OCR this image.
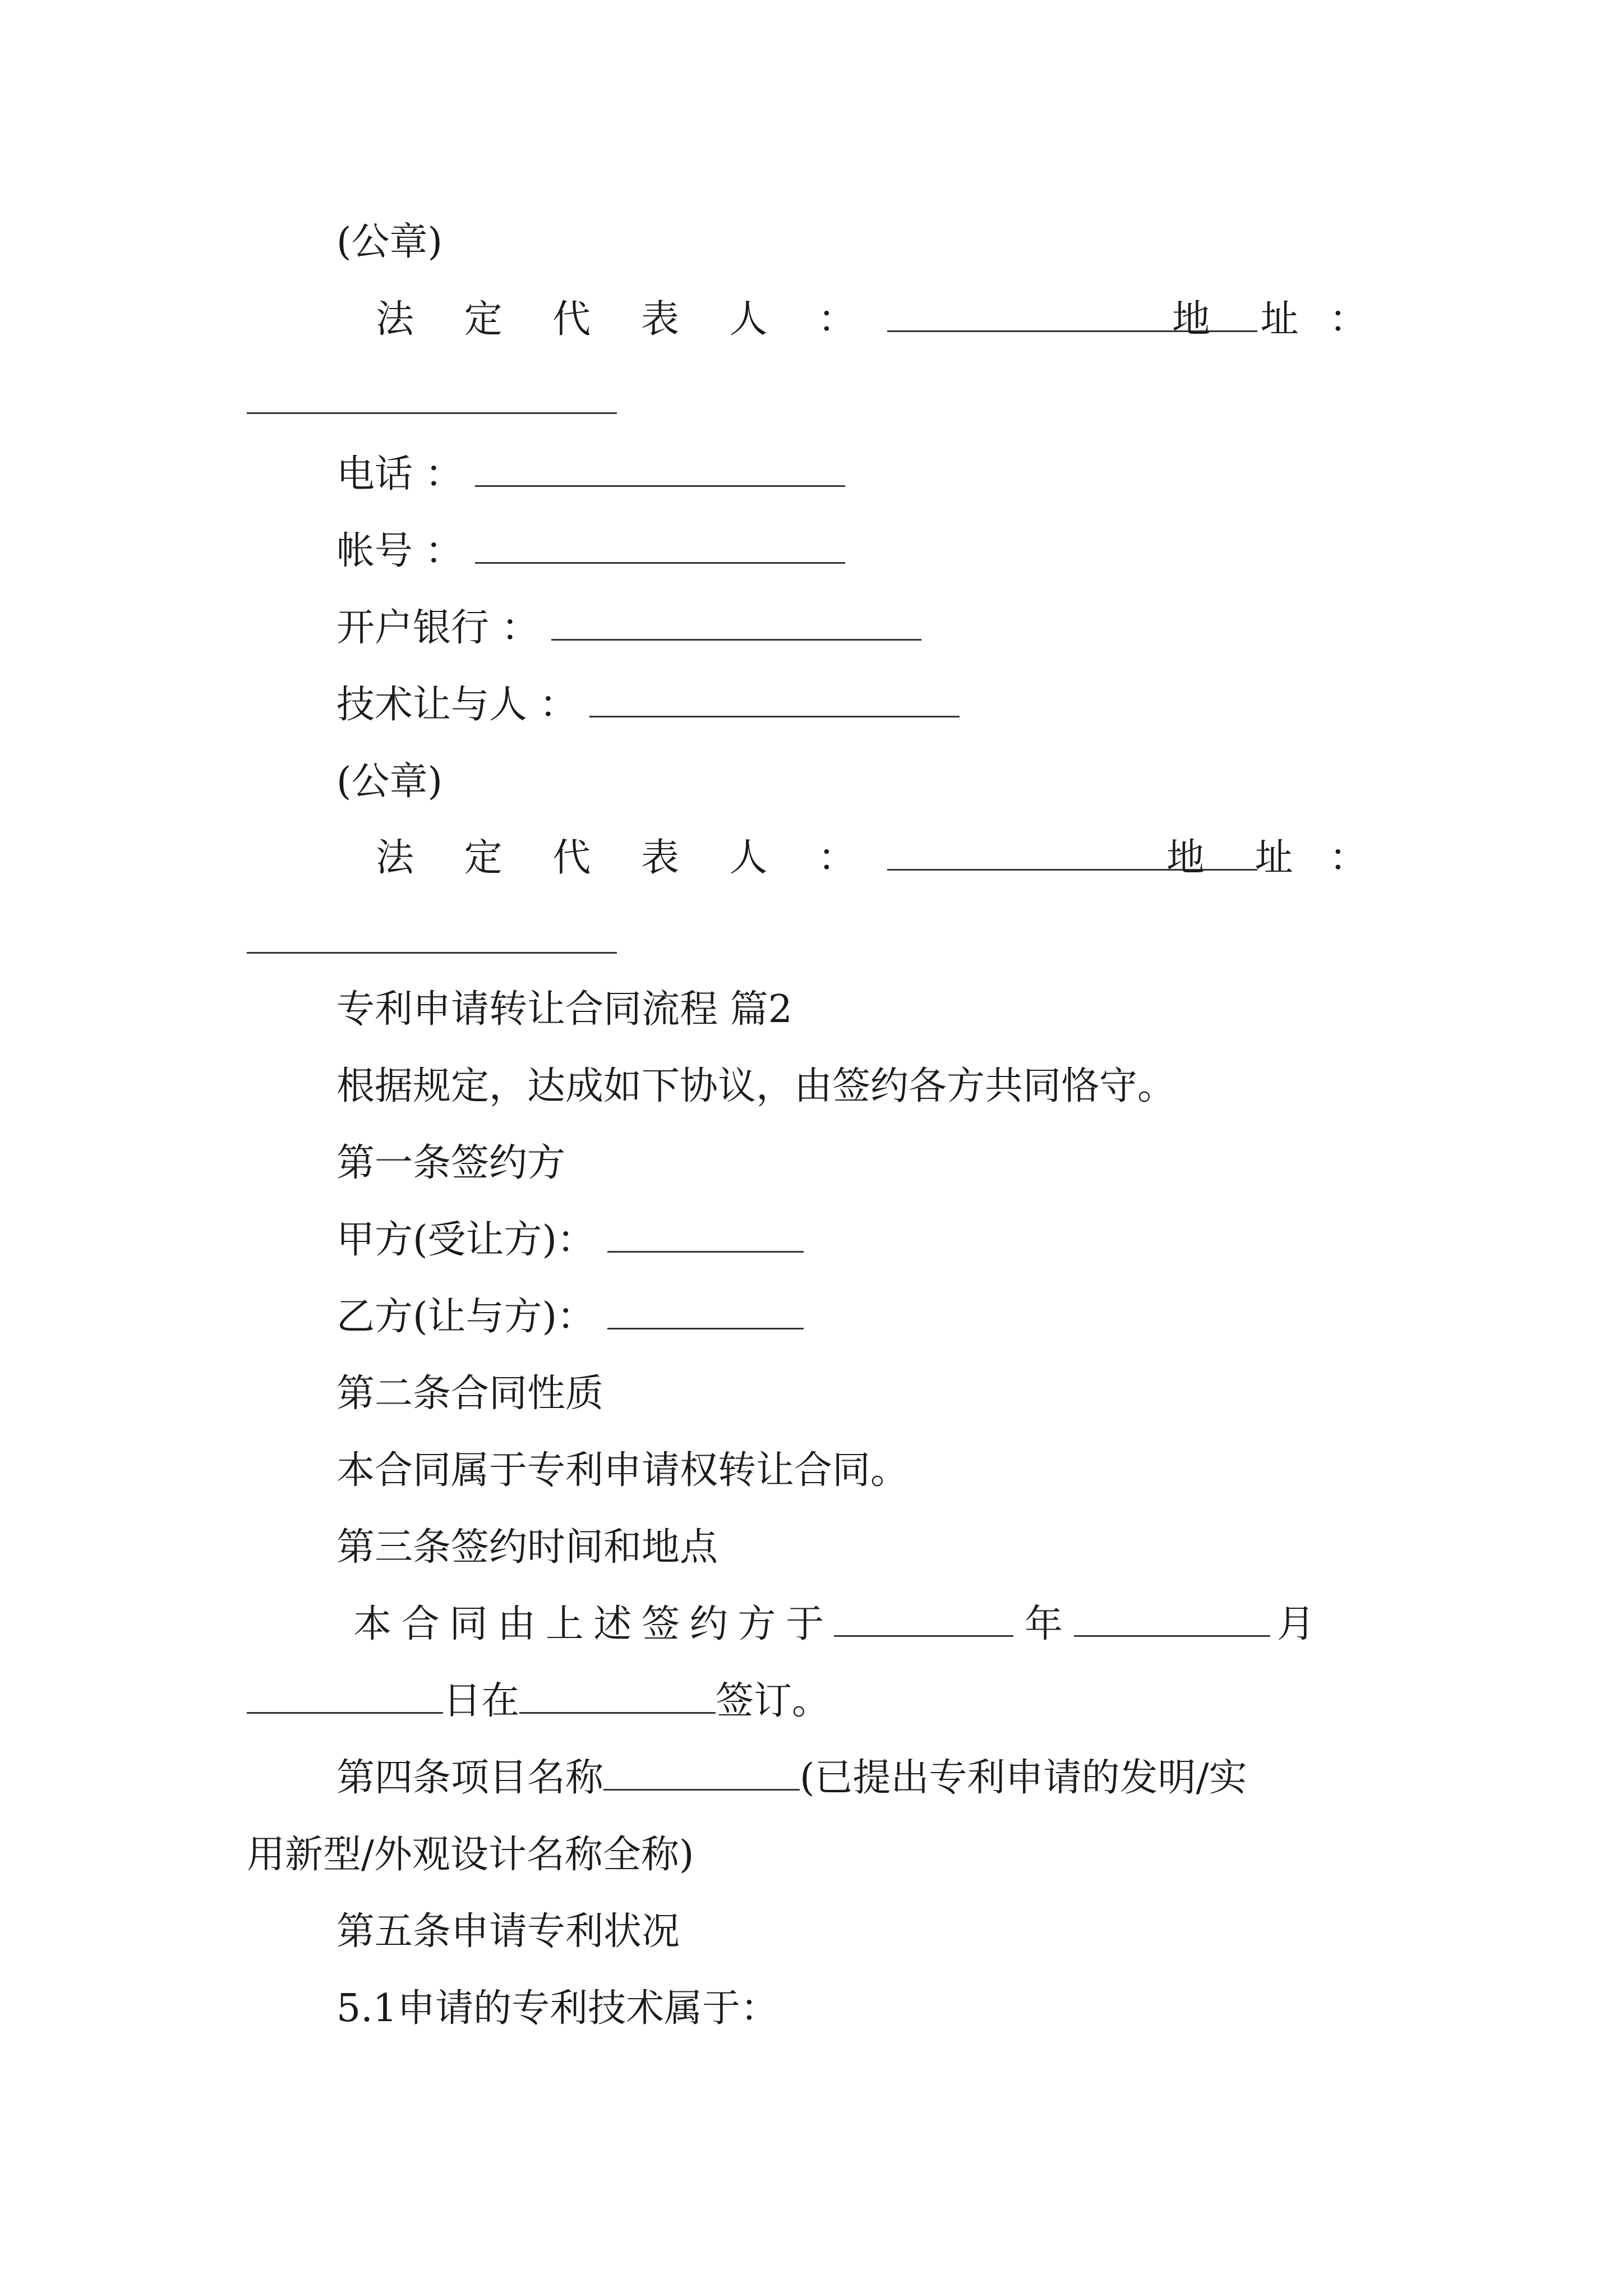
(公章)
法 定 代 表 人 ：	地 址 ：
电话 ：
帐号 ：
开户银行 ：
技术让与人 ：
(公章)
法 定 代 表 人 ：	地 址 ：
专利申请转让合同流程 篇2
根据规定，达成如下协议，由签约各方共同恪守。
第一条签约方
甲方(受让方)：
乙方(让与方)：
第二条合同性质
本合同属于专利申请权转让合同。
第三条签约时间和地点
本合同由上述签约方于	年	月
日在	签订。
第四条项目名称	(已提出专利申请的发明/实
用新型/外观设计名称全称)
第五条申请专利状况
5.1申请的专利技术属于：
